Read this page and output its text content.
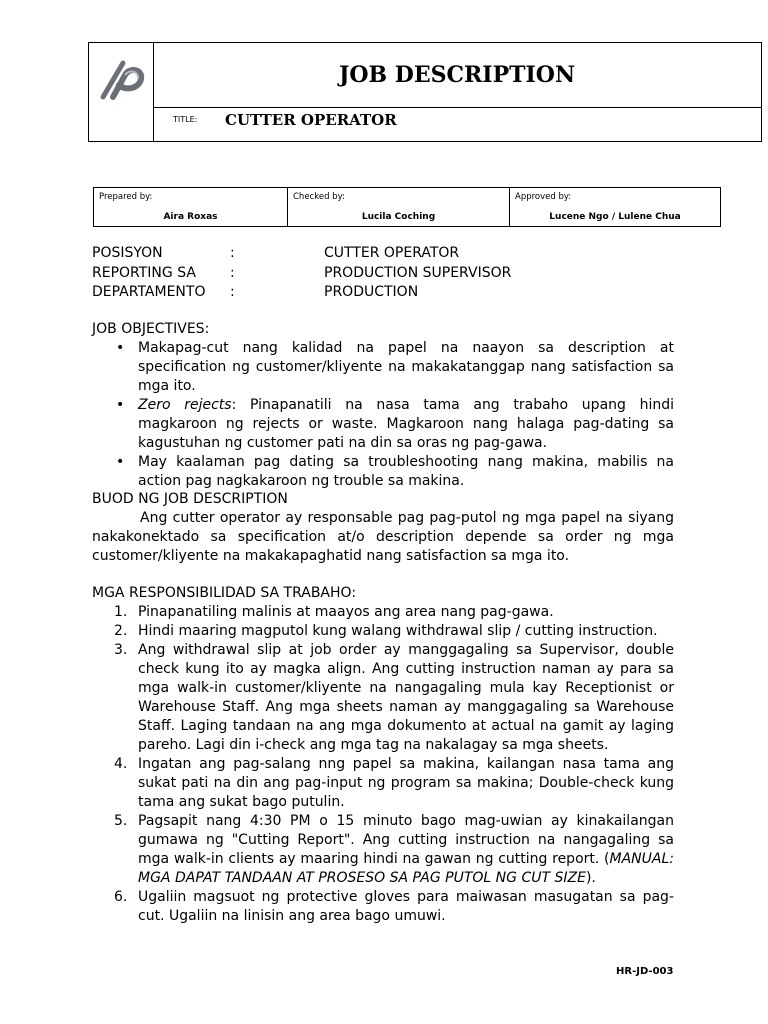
JOB DESCRIPTION
TITLE: CUTTER OPERATOR
Prepared by:
Aira Roxas
Checked by:
Lucila Coching
Approved by:
Lucene Ngo / Lulene Chua
POSISYON	:	CUTTER OPERATOR
REPORTING SA	:	PRODUCTION SUPERVISOR
DEPARTAMENTO	:	PRODUCTION
JOB OBJECTIVES:
• Makapag-cut nang kalidad na papel na naayon sa description at specification ng customer/kliyente na makakatanggap nang satisfaction sa mga ito.
• Zero rejects: Pinapanatili na nasa tama ang trabaho upang hindi magkaroon ng rejects or waste. Magkaroon nang halaga pag-dating sa kagustuhan ng customer pati na din sa oras ng pag-gawa.
• May kaalaman pag dating sa troubleshooting nang makina, mabilis na action pag nagkakaroon ng trouble sa makina.
BUOD NG JOB DESCRIPTION

Ang cutter operator ay responsable pag pag-putol ng mga papel na siyang nakakonektado sa specification at/o description depende sa order ng mga customer/kliyente na makakapaghatid nang satisfaction sa mga ito.

MGA RESPONSIBILIDAD SA TRABAHO:
1. Pinapanatiling malinis at maayos ang area nang pag-gawa.
2. Hindi maaring magputol kung walang withdrawal slip / cutting instruction.
3. Ang withdrawal slip at job order ay manggagaling sa Supervisor, double check kung ito ay magka align. Ang cutting instruction naman ay para sa mga walk-in customer/kliyente na nangagaling mula kay Receptionist or Warehouse Staff. Ang mga sheets naman ay manggagaling sa Warehouse Staff. Laging tandaan na ang mga dokumento at actual na gamit ay laging pareho. Lagi din i-check ang mga tag na nakalagay sa mga sheets.
4. Ingatan ang pag-salang nng papel sa makina, kailangan nasa tama ang sukat pati na din ang pag-input ng program sa makina; Double-check kung tama ang sukat bago putulin.
5. Pagsapit nang 4:30 PM o 15 minuto bago mag-uwian ay kinakailangan gumawa ng "Cutting Report". Ang cutting instruction na nangagaling sa mga walk-in clients ay maaring hindi na gawan ng cutting report. (MANUAL: MGA DAPAT TANDAAN AT PROSESO SA PAG PUTOL NG CUT SIZE).
6. Ugaliin magsuot ng protective gloves para maiwasan masugatan sa pag-cut. Ugaliin na linisin ang area bago umuwi.
HR-JD-003
